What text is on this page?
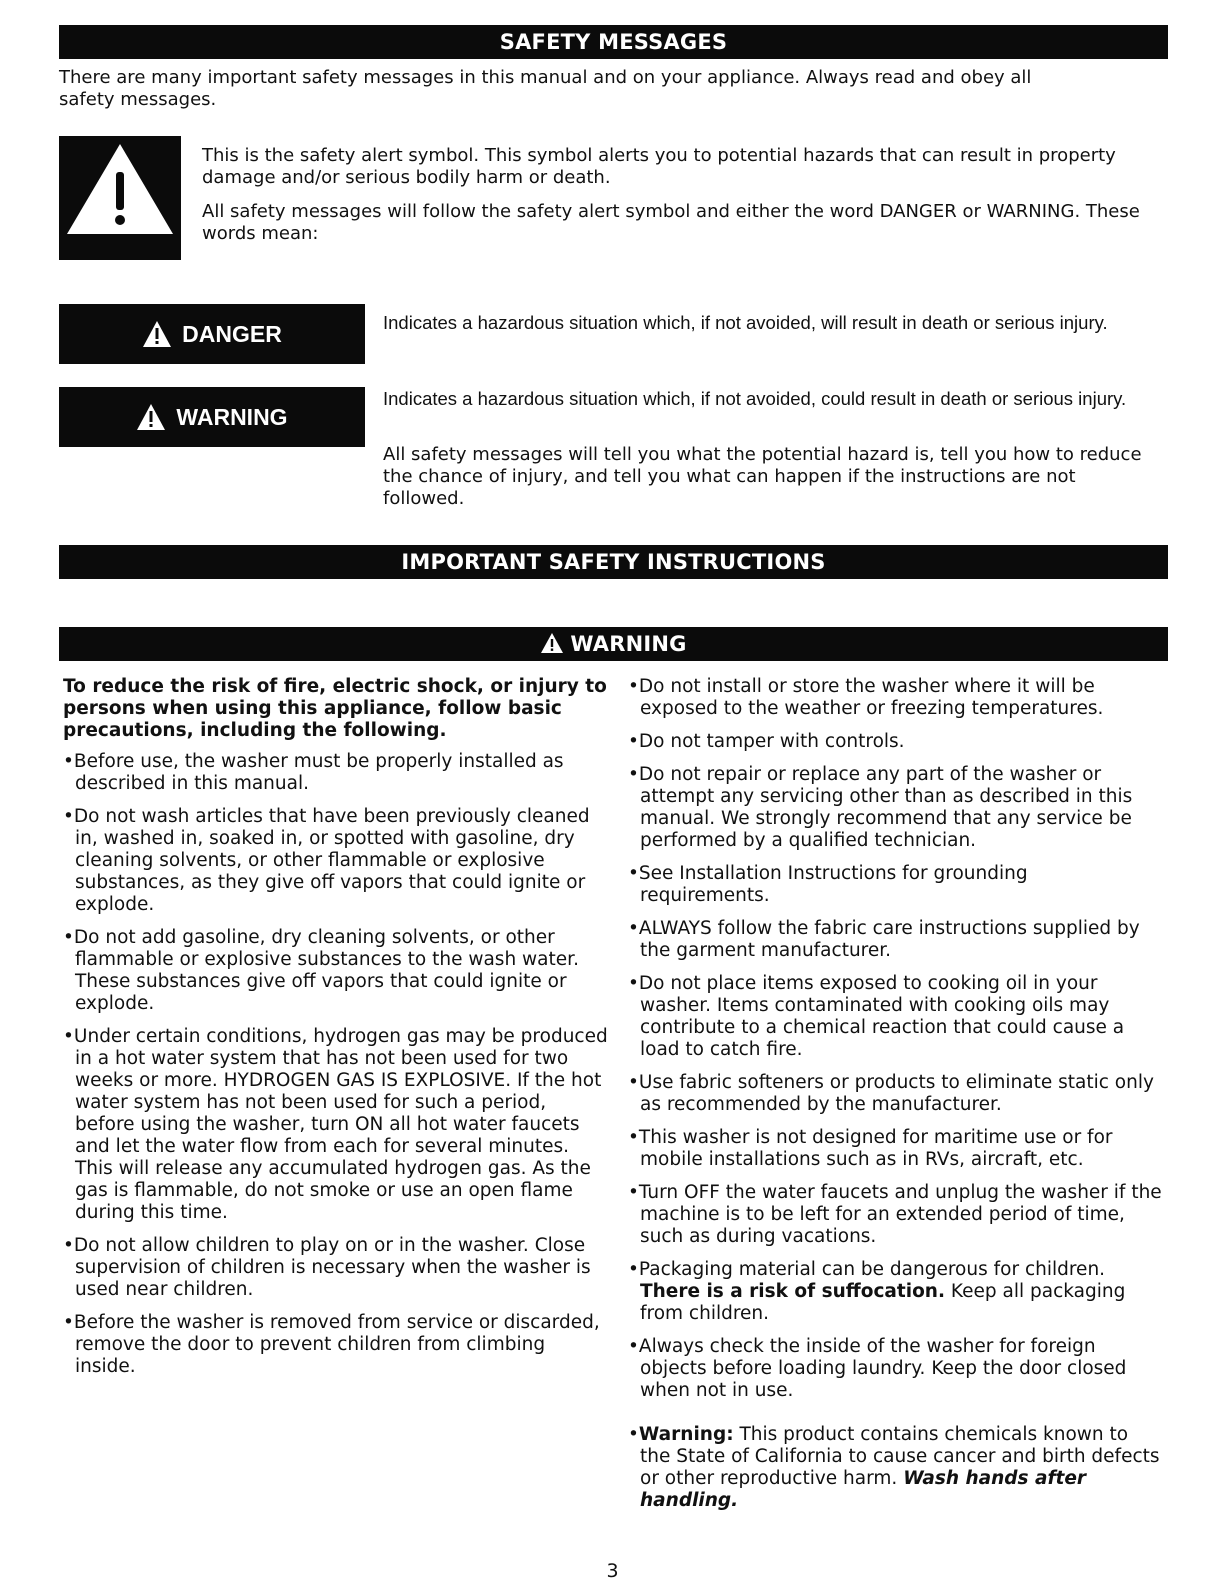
SAFETY MESSAGES
There are many important safety messages in this manual and on your appliance. Always read and obey all safety messages.
This is the safety alert symbol. This symbol alerts you to potential hazards that can result in property damage and/or serious bodily harm or death.
All safety messages will follow the safety alert symbol and either the word DANGER or WARNING. These words mean:
DANGER	Indicates a hazardous situation which, if not avoided, will result in death or serious injury.
WARNING
Indicates a hazardous situation which, if not avoided, could result in death or serious injury.
All safety messages will tell you what the potential hazard is, tell you how to reduce the chance of injury, and tell you what can happen if the instructions are not followed.
IMPORTANT SAFETY INSTRUCTIONS
WARNING

To reduce the risk of fire, electric shock, or injury to persons when using this appliance, follow basic precautions, including the following.

• Before use, the washer must be properly installed as described in this manual.

• Do not wash articles that have been previously cleaned in, washed in, soaked in, or spotted with gasoline, dry cleaning solvents, or other flammable or explosive substances, as they give off vapors that could ignite or explode.

• Do not add gasoline, dry cleaning solvents, or other flammable or explosive substances to the wash water. These substances give off vapors that could ignite or explode.

• Under certain conditions, hydrogen gas may be produced in a hot water system that has not been used for two weeks or more. HYDROGEN GAS IS EXPLOSIVE. If the hot water system has not been used for such a period, before using the washer, turn ON all hot water faucets and let the water flow from each for several minutes. This will release any accumulated hydrogen gas. As the gas is flammable, do not smoke or use an open flame during this time.

• Do not allow children to play on or in the washer. Close supervision of children is necessary when the washer is used near children.

• Before the washer is removed from service or discarded, remove the door to prevent children from climbing inside.

• Do not install or store the washer where it will be exposed to the weather or freezing temperatures.

• Do not tamper with controls.

• Do not repair or replace any part of the washer or attempt any servicing other than as described in this manual. We strongly recommend that any service be performed by a qualified technician.

• See Installation Instructions for grounding requirements.

• ALWAYS follow the fabric care instructions supplied by the garment manufacturer.

• Do not place items exposed to cooking oil in your washer. Items contaminated with cooking oils may contribute to a chemical reaction that could cause a load to catch fire.

• Use fabric softeners or products to eliminate static only as recommended by the manufacturer.

• This washer is not designed for maritime use or for mobile installations such as in RVs, aircraft, etc.

• Turn OFF the water faucets and unplug the washer if the machine is to be left for an extended period of time, such as during vacations.

• Packaging material can be dangerous for children. There is a risk of suffocation. Keep all packaging from children.

• Always check the inside of the washer for foreign objects before loading laundry. Keep the door closed when not in use.

• Warning: This product contains chemicals known to the State of California to cause cancer and birth defects or other reproductive harm. Wash hands after handling.

3
